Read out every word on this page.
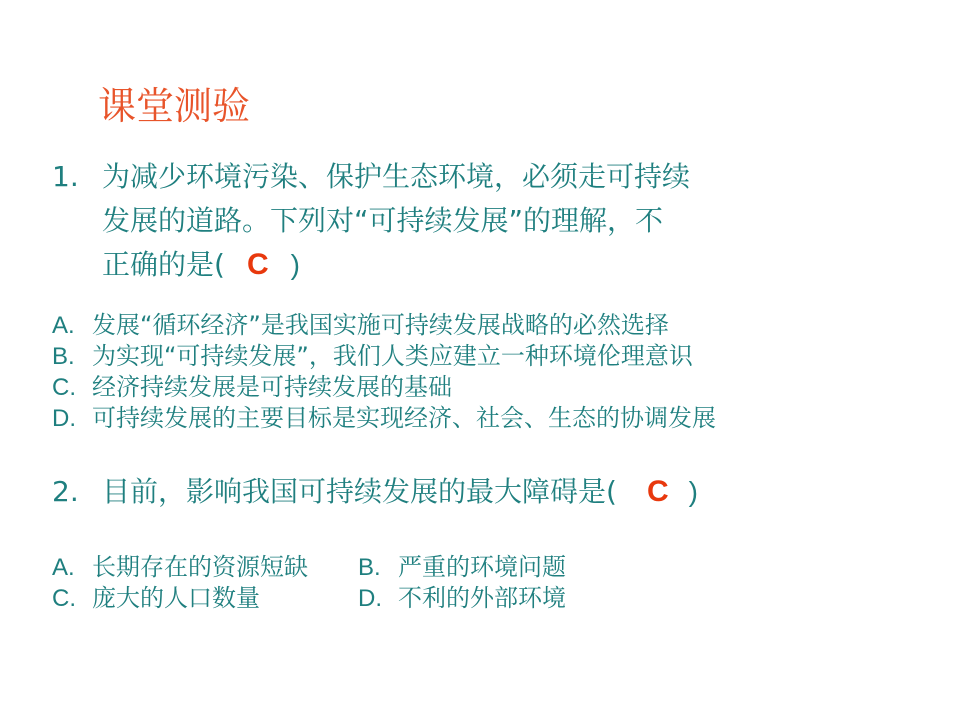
课堂测验
1. 为减少环境污染、保护生态环境，必须走可持续
发展的道路。下列对“可持续发展”的理解，不
正确的是( C )
A. 发展“循环经济”是我国实施可持续发展战略的必然选择
B. 为实现“可持续发展”，我们人类应建立一种环境伦理意识
C. 经济持续发展是可持续发展的基础
D. 可持续发展的主要目标是实现经济、社会、生态的协调发展
2. 目前，影响我国可持续发展的最大障碍是( C )
A. 长期存在的资源短缺
C. 庞大的人口数量
B. 严重的环境问题
D. 不利的外部环境
